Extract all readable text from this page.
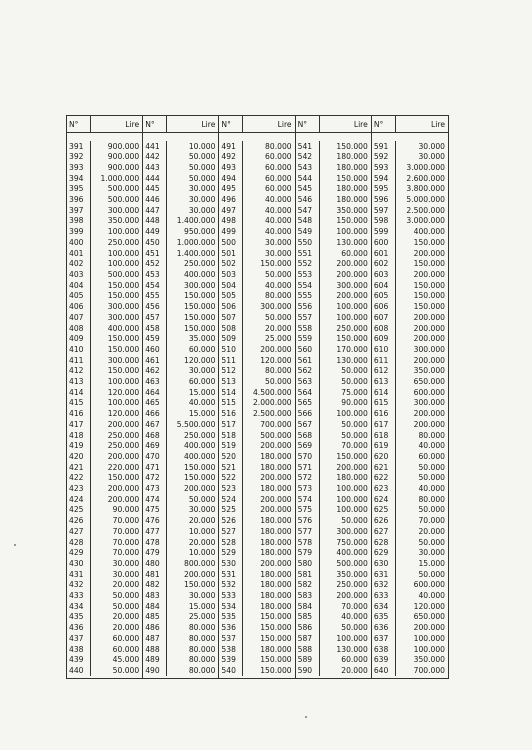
N°	Lire
391	900.000
392	900.000
393	900.000
394	1.000.000
395	500.000
396	500.000
397	300.000
398	350.000
399	100.000
400	250.000
401	100.000
402	100.000
403	500.000
404	150.000
405	150.000
406	300.000
407	300.000
408	400.000
409	150.000
410	150.000
411	300.000
412	150.000
413	100.000
414	120.000
415	100.000
416	120.000
417	200.000
418	250.000
419	250.000
420	200.000
421	220.000
422	150.000
423	200.000
424	200.000
425	90.000
426	70.000
427	70.000
428	70.000
429	70.000
430	30.000
431	30.000
432	20.000
433	50.000
434	50.000
435	20.000
436	20.000
437	60.000
438	60.000
439	45.000
440	50.000
N°	Lire
441	10.000
442	50.000
443	50.000
444	50.000
445	30.000
446	30.000
447	30.000
448	1.400.000
449	950.000
450	1.000.000
451	1.400.000
452	250.000
453	400.000
454	300.000
455	150.000
456	150.000
457	150.000
458	150.000
459	35.000
460	60.000
461	120.000
462	30.000
463	60.000
464	15.000
465	40.000
466	15.000
467	5.500.000
468	250.000
469	400.000
470	400.000
471	150.000
472	150.000
473	200.000
474	50.000
475	30.000
476	20.000
477	10.000
478	20.000
479	10.000
480	800.000
481	200.000
482	150.000
483	30.000
484	15.000
485	25.000
486	80.000
487	80.000
488	80.000
489	80.000
490	80.000
N°	Lire
491	80.000
492	60.000
493	60.000
494	60.000
495	60.000
496	40.000
497	40.000
498	40.000
499	40.000
500	30.000
501	30.000
502	150.000
503	50.000
504	40.000
505	80.000
506	300.000
507	50.000
508	20.000
509	25.000
510	200.000
511	120.000
512	80.000
513	50.000
514	4.500.000
515	2.000.000
516	2.500.000
517	700.000
518	500.000
519	200.000
520	180.000
521	180.000
522	200.000
523	180.000
524	200.000
525	200.000
526	180.000
527	180.000
528	180.000
529	180.000
530	200.000
531	180.000
532	180.000
533	180.000
534	180.000
535	150.000
536	150.000
537	150.000
538	180.000
539	150.000
540	150.000
N°	Lire
541	150.000
542	180.000
543	180.000
544	150.000
545	180.000
546	180.000
547	350.000
548	150.000
549	100.000
550	130.000
551	60.000
552	200.000
553	200.000
554	300.000
555	200.000
556	100.000
557	100.000
558	250.000
559	150.000
560	170.000
561	130.000
562	50.000
563	50.000
564	75.000
565	90.000
566	100.000
567	50.000
568	50.000
569	70.000
570	150.000
571	200.000
572	180.000
573	100.000
574	100.000
575	100.000
576	50.000
577	300.000
578	750.000
579	400.000
580	500.000
581	350.000
582	250.000
583	200.000
584	70.000
585	40.000
586	50.000
587	100.000
588	130.000
589	60.000
590	20.000
N°	Lire
591	30.000
592	30.000
593	3.000.000
594	2.600.000
595	3.800.000
596	5.000.000
597	2.500.000
598	3.000.000
599	400.000
600	150.000
601	200.000
602	150.000
603	200.000
604	150.000
605	150.000
606	150.000
607	200.000
608	200.000
609	200.000
610	300.000
611	200.000
612	350.000
613	650.000
614	600.000
615	300.000
616	200.000
617	200.000
618	80.000
619	40.000
620	60.000
621	50.000
622	50.000
623	40.000
624	80.000
625	50.000
626	70.000
627	20.000
628	50.000
629	30.000
630	15.000
631	50.000
632	600.000
633	40.000
634	120.000
635	650.000
636	200.000
637	100.000
638	100.000
639	350.000
640	700.000
